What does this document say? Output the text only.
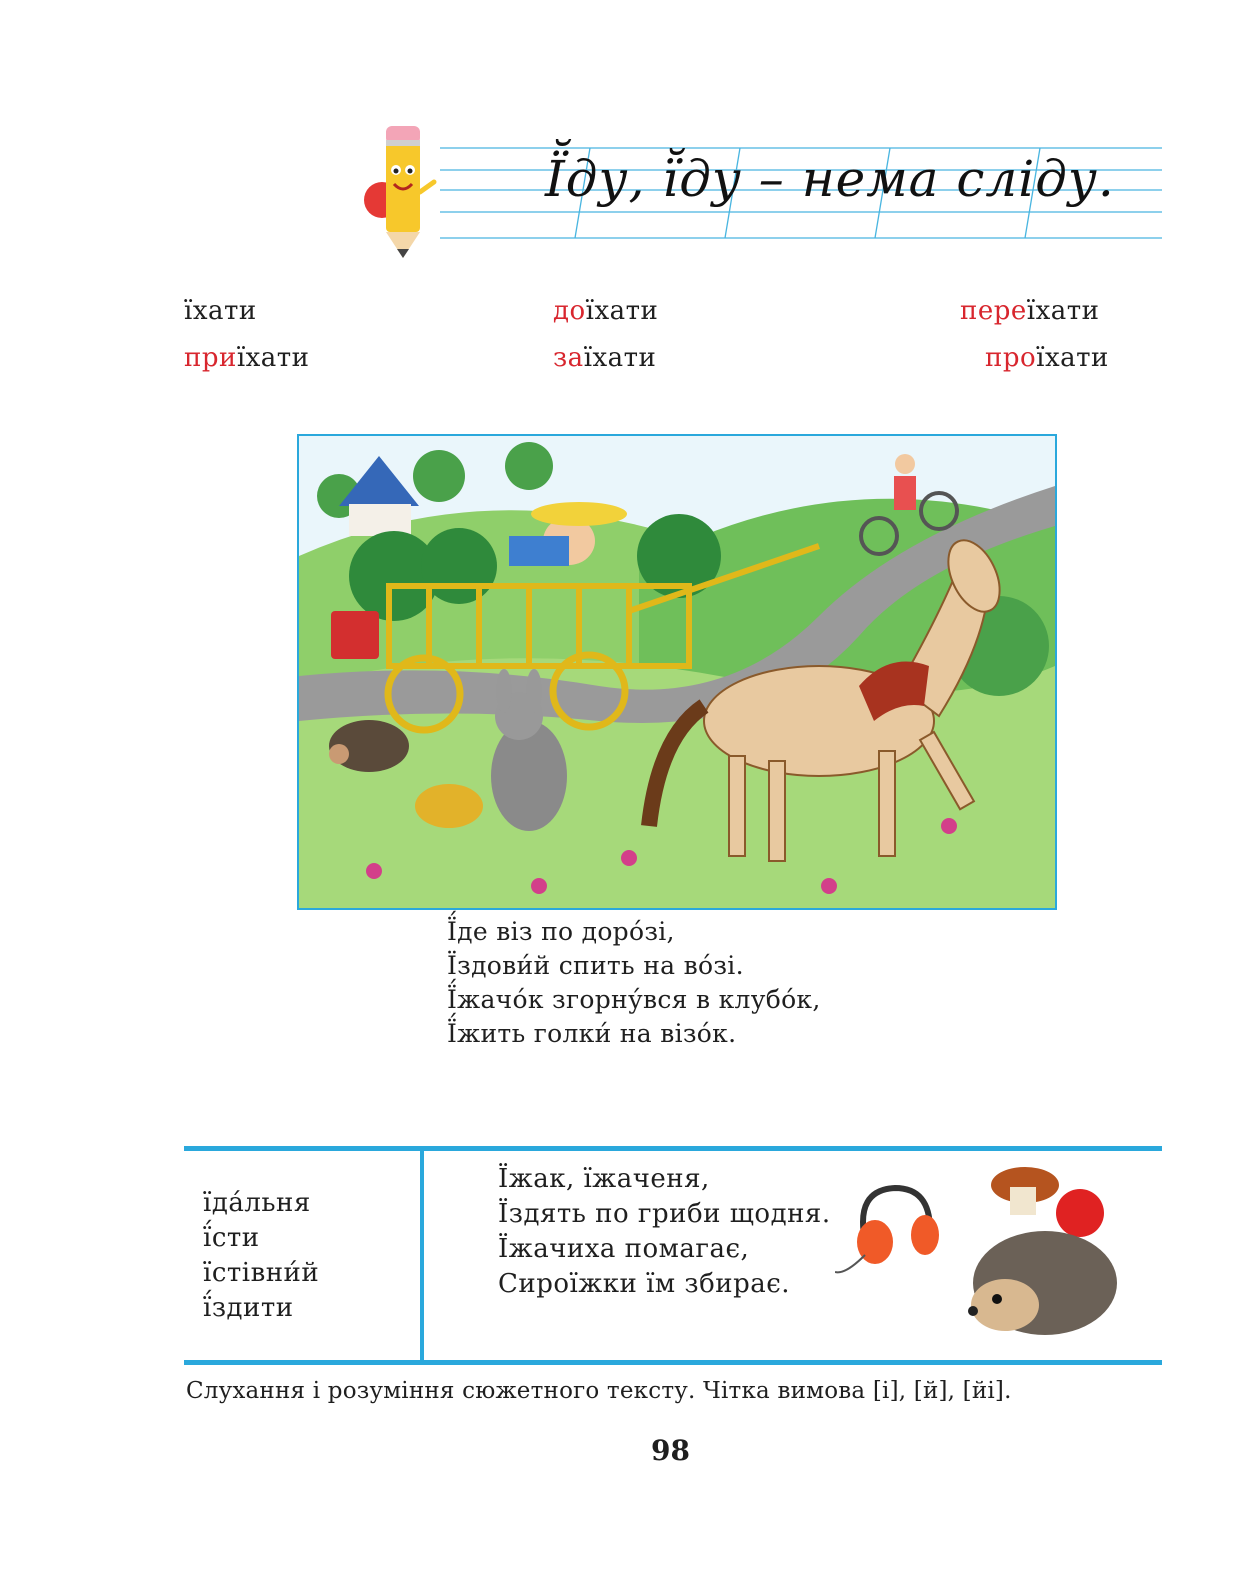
Ї̆ду, ї̆ду – нема сліду.
їхати	доїхати	переїхати
приїхати	заїхати	проїхати
Ї́де віз по доро́зі,
Їздови́й спить на во́зі.
Ї́жачо́к згорну́вся в клубо́к,
Ї́жить голки́ на візо́к.
їда́льня
ї́сти
їстівни́й
ї́здити
Їжак, їжаченя,
Їздять по гриби щодня.
Їжачиха помагає,
Сироїжки їм збирає.
Слухання і розуміння сюжетного тексту. Чітка вимова [і], [й], [йі].
98
